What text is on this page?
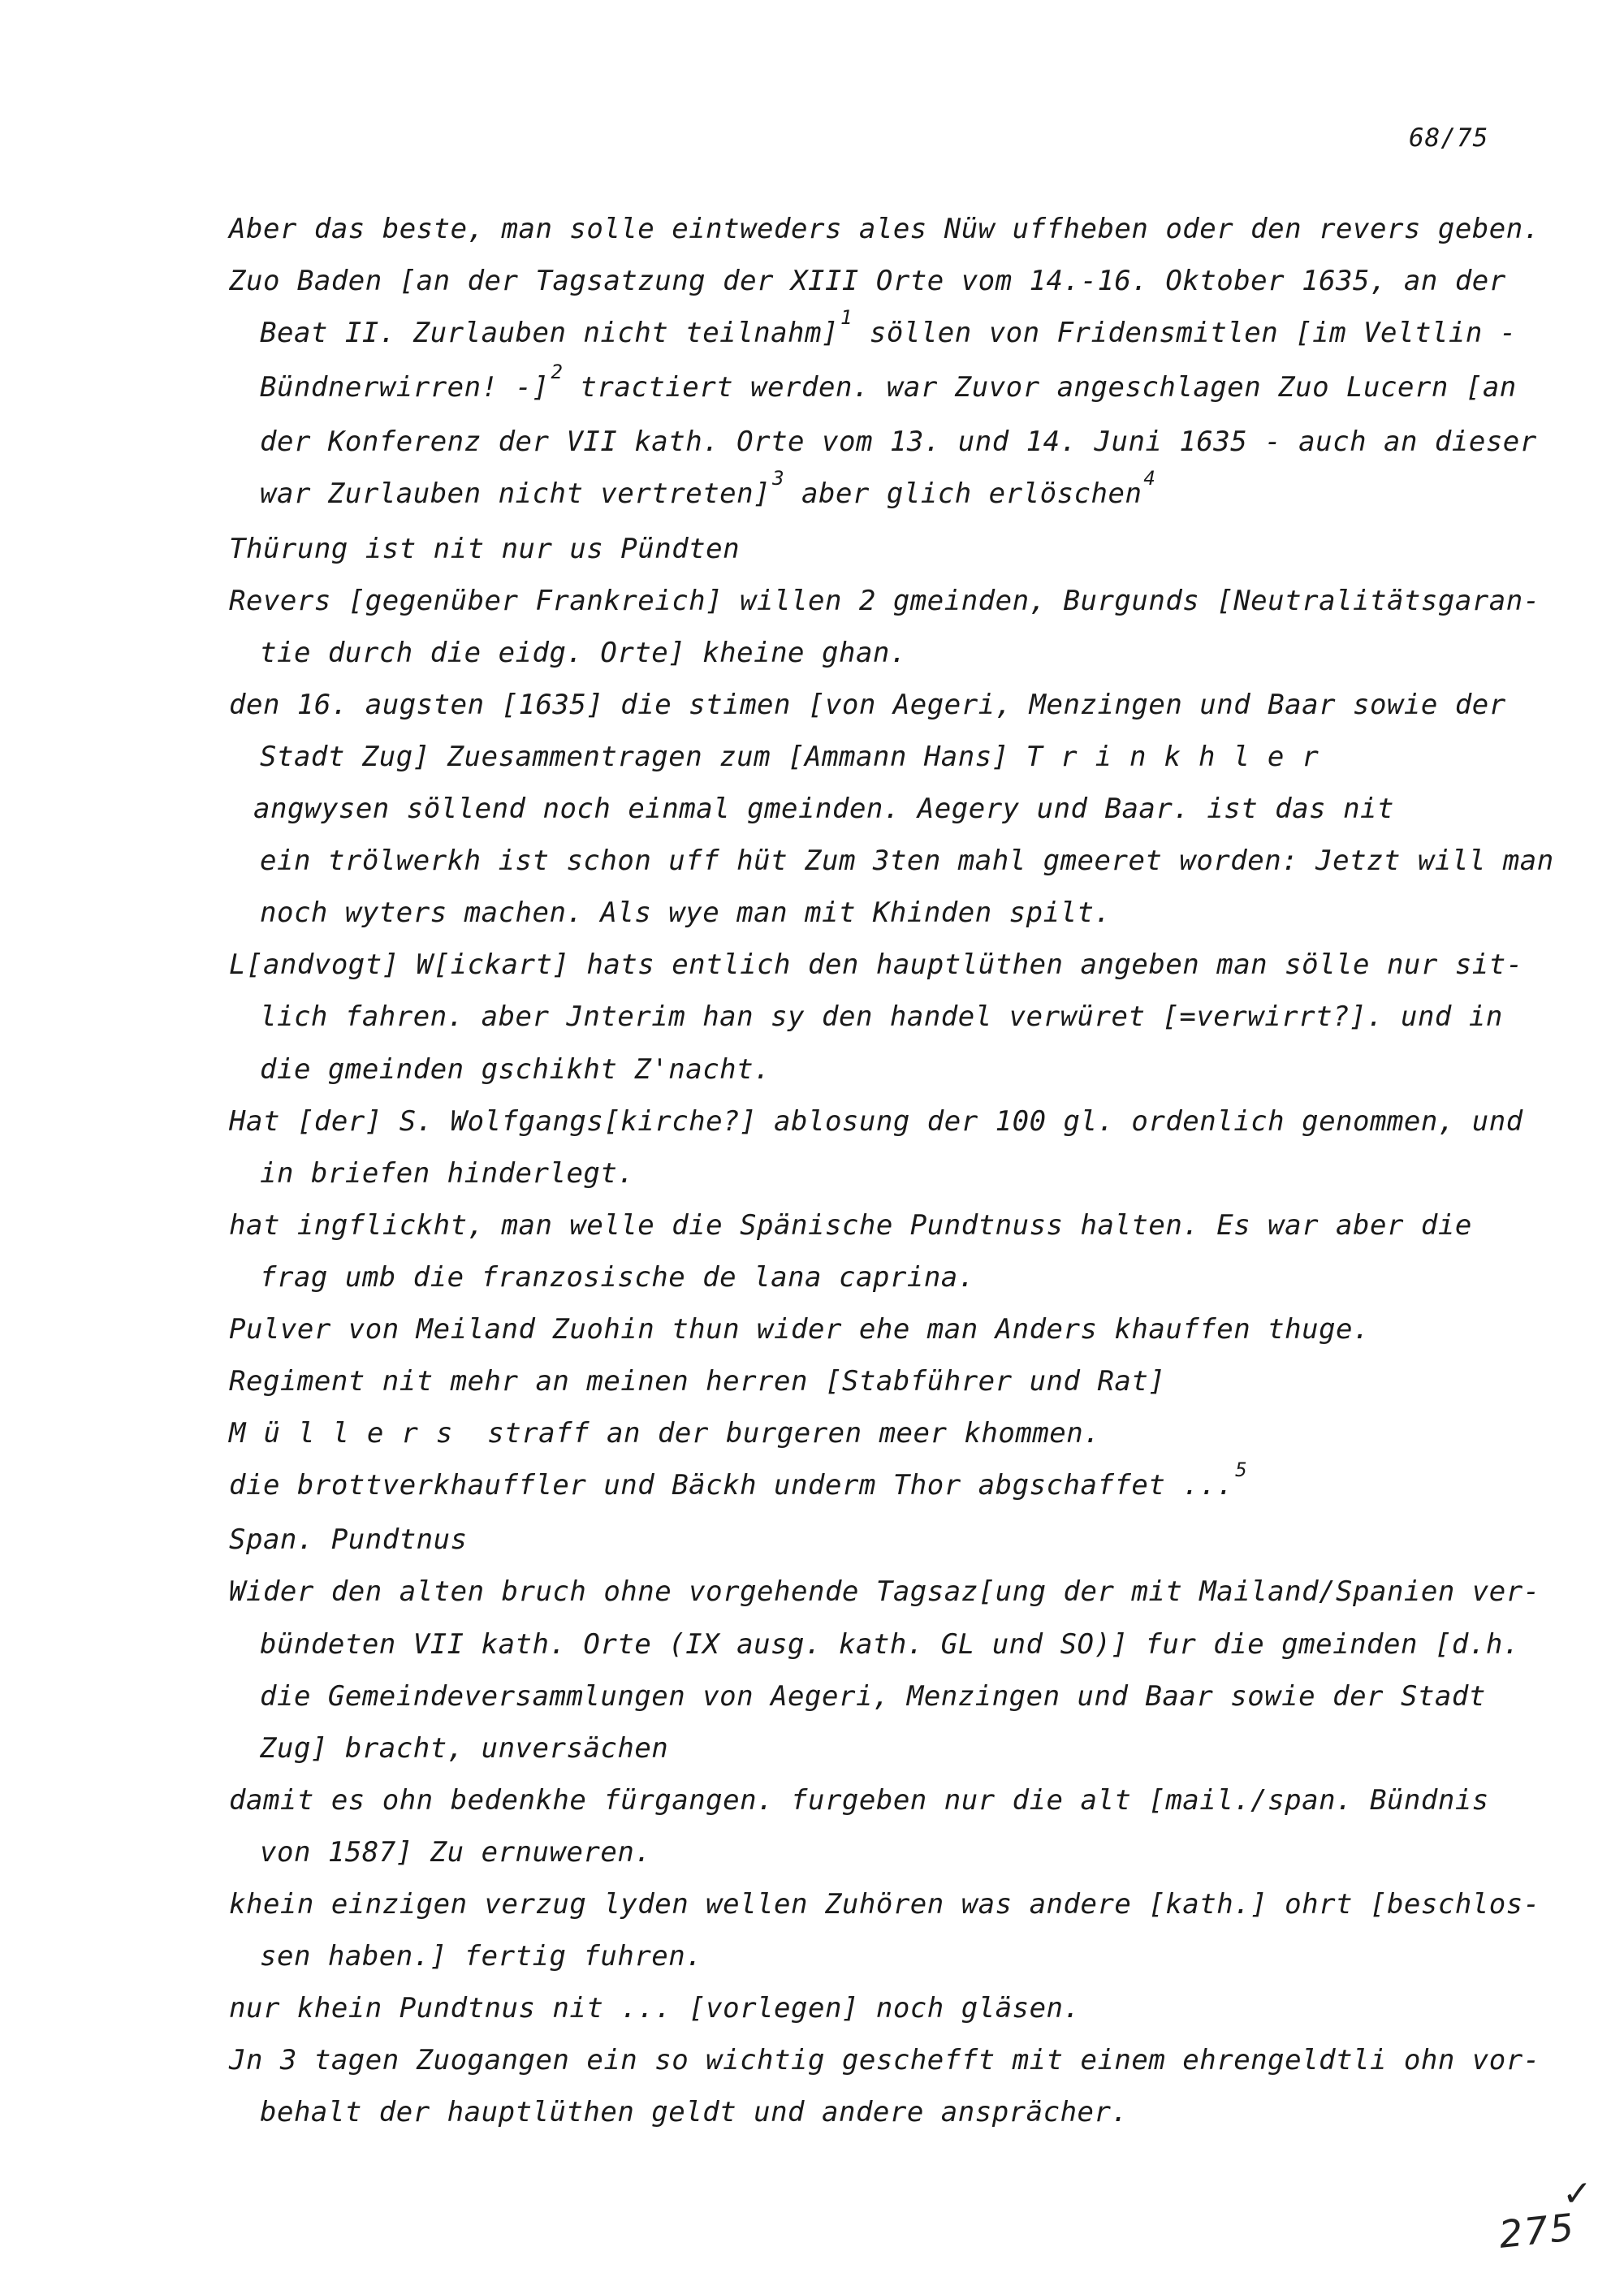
68/75
Aber das beste, man solle eintweders ales Nüw uffheben oder den revers geben.
Zuo Baden [an der Tagsatzung der XIII Orte vom 14.-16. Oktober 1635, an der
Beat II. Zurlauben nicht teilnahm]$^1$ söllen von Fridensmitlen [im Veltlin -
Bündnerwirren! -]$^2$ tractiert werden. war Zuvor angeschlagen Zuo Lucern [an
der Konferenz der VII kath. Orte vom 13. und 14. Juni 1635 - auch an dieser
war Zurlauben nicht vertreten]$^3$ aber glich erlöschen$^4$
Thürung ist nit nur us Pündten
Revers [gegenüber Frankreich] willen 2 gmeinden, Burgunds [Neutralitätsgaran-
tie durch die eidg. Orte] kheine ghan.
den 16. augsten [1635] die stimen [von Aegeri, Menzingen und Baar sowie der
Stadt Zug] Zuesammentragen zum [Ammann Hans] Trinkhler
angwysen söllend noch einmal gmeinden. Aegery und Baar. ist das nit
ein trölwerkh ist schon uff hüt Zum 3ten mahl gmeeret worden: Jetzt will man
noch wyters machen. Als wye man mit Khinden spilt.
L[andvogt] W[ickart] hats entlich den hauptlüthen angeben man sölle nur sit-
lich fahren. aber Jnterim han sy den handel verwüret [=verwirrt?]. und in
die gmeinden gschikht Z'nacht.
Hat [der] S. Wolfgangs[kirche?] ablosung der 100 gl. ordenlich genommen, und
in briefen hinderlegt.
hat ingflickht, man welle die Spänische Pundtnuss halten. Es war aber die
frag umb die franzosische de lana caprina.
Pulver von Meiland Zuohin thun wider ehe man Anders khauffen thuge.
Regiment nit mehr an meinen herren [Stabführer und Rat]
Müllers straff an der burgeren meer khommen.
die brottverkhauffler und Bäckh underm Thor abgschaffet ...$^5$
Span. Pundtnus
Wider den alten bruch ohne vorgehende Tagsaz[ung der mit Mailand/Spanien ver-
bündeten VII kath. Orte (IX ausg. kath. GL und SO)] fur die gmeinden [d.h.
die Gemeindeversammlungen von Aegeri, Menzingen und Baar sowie der Stadt
Zug] bracht, unversächen
damit es ohn bedenkhe fürgangen. furgeben nur die alt [mail./span. Bündnis
von 1587] Zu ernuweren.
khein einzigen verzug lyden wellen Zuhören was andere [kath.] ohrt [beschlos-
sen haben.] fertig fuhren.
nur khein Pundtnus nit ... [vorlegen] noch gläsen.
Jn 3 tagen Zuogangen ein so wichtig geschefft mit einem ehrengeldtli ohn vor-
behalt der hauptlüthen geldt und andere ansprächer.
✓
275
